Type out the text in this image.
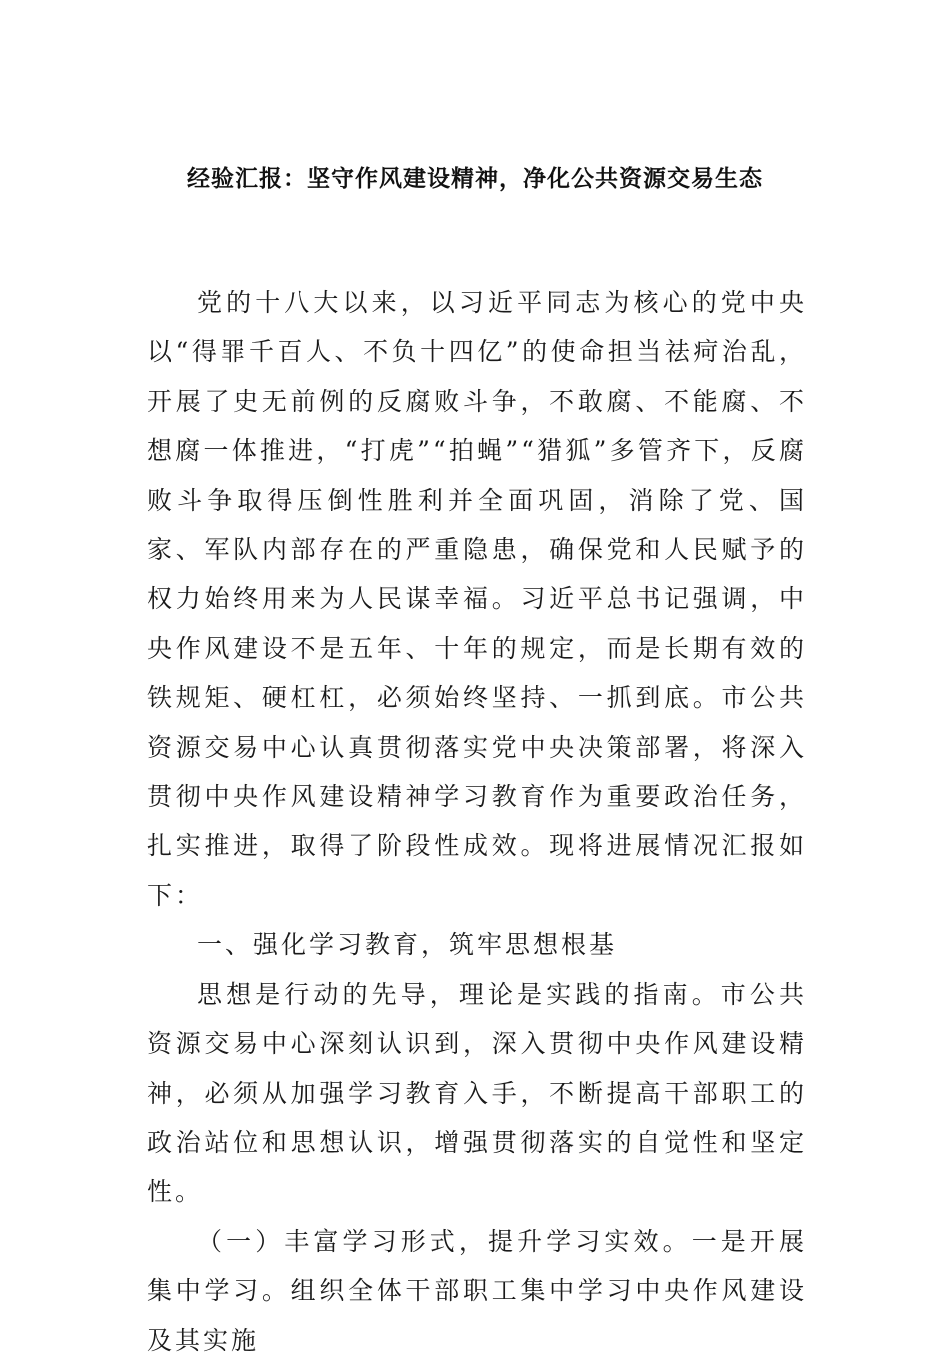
经验汇报：坚守作风建设精神，净化公共资源交易生态

党的十八大以来，以习近平同志为核心的党中央以“得罪千百人、不负十四亿”的使命担当祛疴治乱，开展了史无前例的反腐败斗争，不敢腐、不能腐、不想腐一体推进，“打虎”“拍蝇”“猎狐”多管齐下，反腐败斗争取得压倒性胜利并全面巩固，消除了党、国家、军队内部存在的严重隐患，确保党和人民赋予的权力始终用来为人民谋幸福。习近平总书记强调，中央作风建设不是五年、十年的规定，而是长期有效的铁规矩、硬杠杠，必须始终坚持、一抓到底。市公共资源交易中心认真贯彻落实党中央决策部署，将深入贯彻中央作风建设精神学习教育作为重要政治任务，扎实推进，取得了阶段性成效。现将进展情况汇报如下：

一、强化学习教育，筑牢思想根基

思想是行动的先导，理论是实践的指南。市公共资源交易中心深刻认识到，深入贯彻中央作风建设精神，必须从加强学习教育入手，不断提高干部职工的政治站位和思想认识，增强贯彻落实的自觉性和坚定性。

（一）丰富学习形式，提升学习实效。一是开展集中学习。组织全体干部职工集中学习中央作风建设及其实施
